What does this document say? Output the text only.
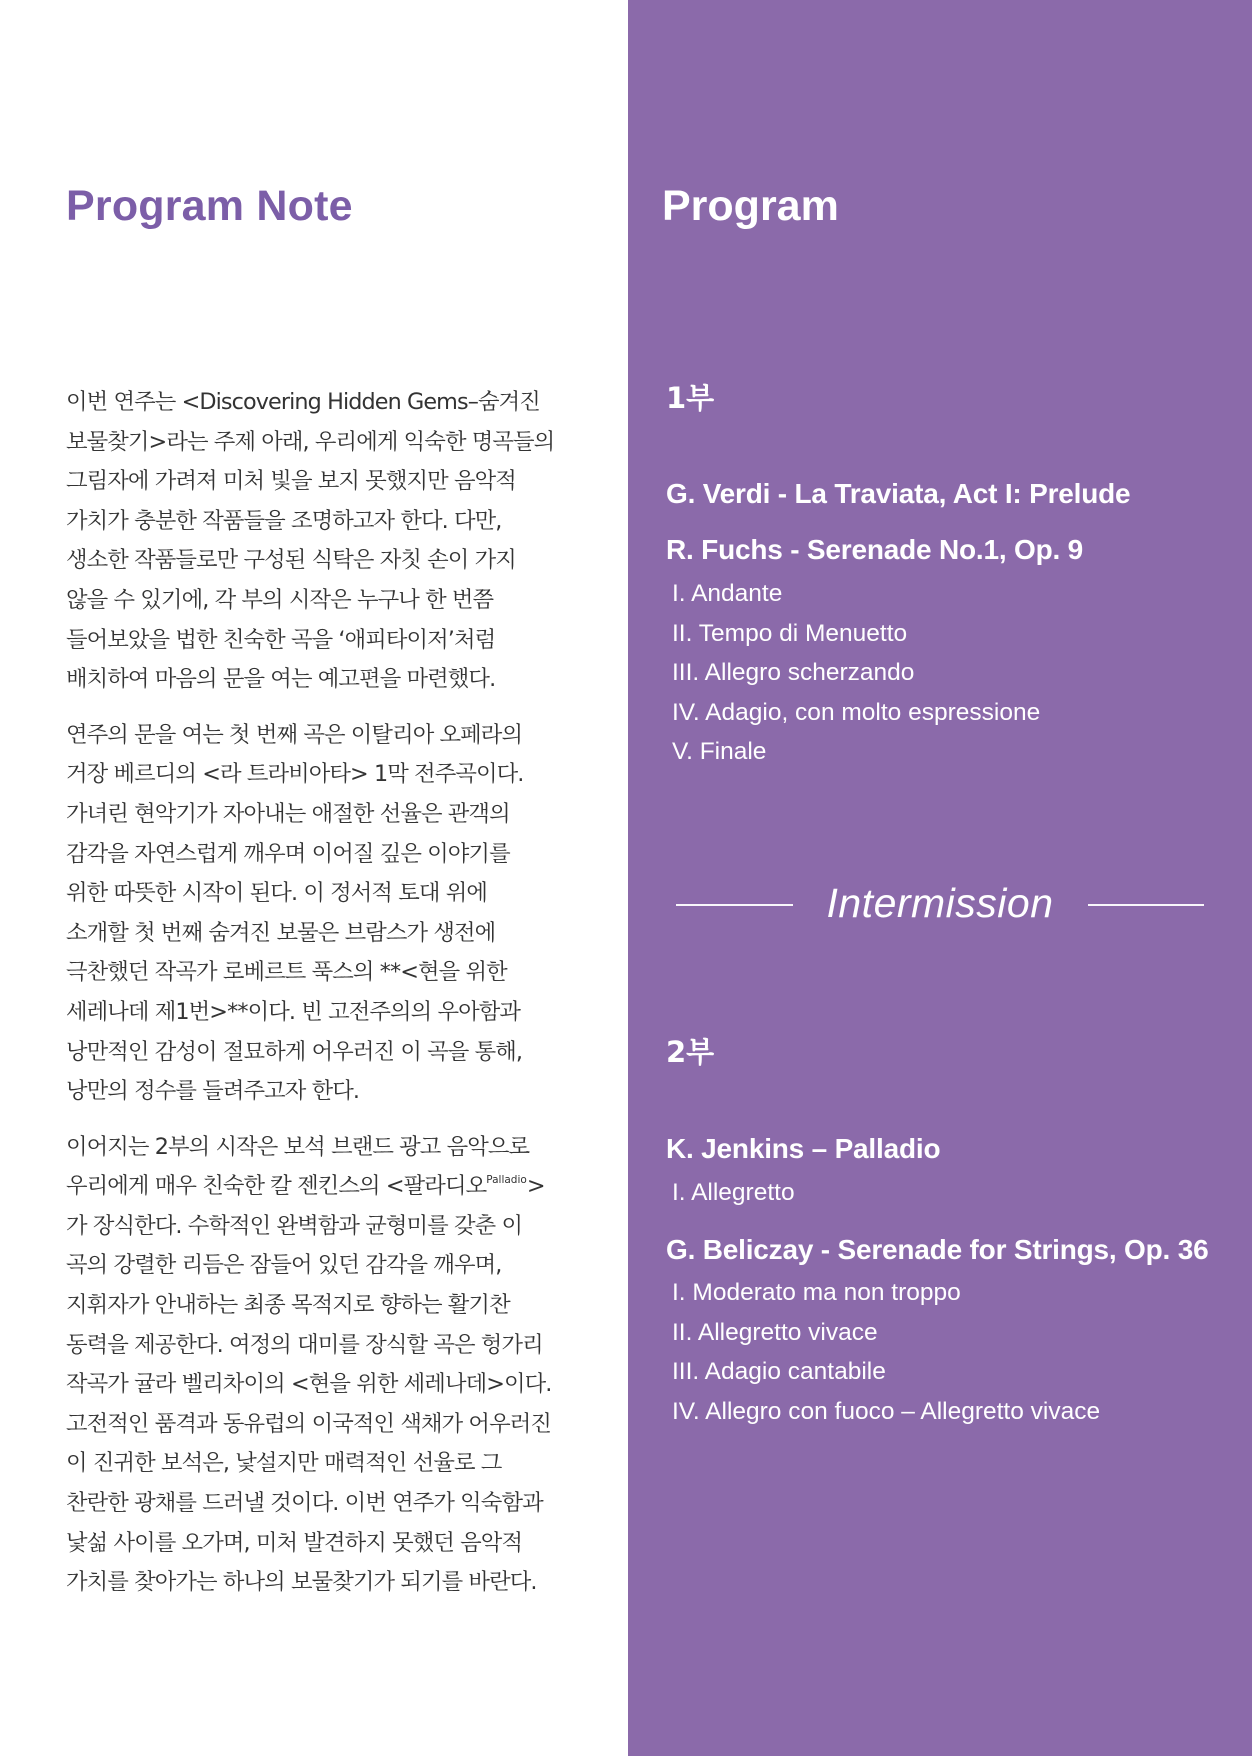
Program Note

이번 연주는 <Discovering Hidden Gems–숨겨진
보물찾기>라는 주제 아래, 우리에게 익숙한 명곡들의
그림자에 가려져 미처 빛을 보지 못했지만 음악적
가치가 충분한 작품들을 조명하고자 한다. 다만,
생소한 작품들로만 구성된 식탁은 자칫 손이 가지
않을 수 있기에, 각 부의 시작은 누구나 한 번쯤
들어보았을 법한 친숙한 곡을 ‘애피타이저’처럼
배치하여 마음의 문을 여는 예고편을 마련했다.

연주의 문을 여는 첫 번째 곡은 이탈리아 오페라의
거장 베르디의 <라 트라비아타> 1막 전주곡이다.
가녀린 현악기가 자아내는 애절한 선율은 관객의
감각을 자연스럽게 깨우며 이어질 깊은 이야기를
위한 따뜻한 시작이 된다. 이 정서적 토대 위에
소개할 첫 번째 숨겨진 보물은 브람스가 생전에
극찬했던 작곡가 로베르트 푹스의 **<현을 위한
세레나데 제1번>**이다. 빈 고전주의의 우아함과
낭만적인 감성이 절묘하게 어우러진 이 곡을 통해,
낭만의 정수를 들려주고자 한다.

이어지는 2부의 시작은 보석 브랜드 광고 음악으로
우리에게 매우 친숙한 칼 젠킨스의 <팔라디오$^{Palladio}$>
가 장식한다. 수학적인 완벽함과 균형미를 갖춘 이
곡의 강렬한 리듬은 잠들어 있던 감각을 깨우며,
지휘자가 안내하는 최종 목적지로 향하는 활기찬
동력을 제공한다. 여정의 대미를 장식할 곡은 헝가리
작곡가 귤라 벨리차이의 <현을 위한 세레나데>이다.
고전적인 품격과 동유럽의 이국적인 색채가 어우러진
이 진귀한 보석은, 낯설지만 매력적인 선율로 그
찬란한 광채를 드러낼 것이다. 이번 연주가 익숙함과
낯섦 사이를 오가며, 미처 발견하지 못했던 음악적
가치를 찾아가는 하나의 보물찾기가 되기를 바란다.

Program
1부
G. Verdi - La Traviata, Act I: Prelude
R. Fuchs - Serenade No.1, Op. 9
I. Andante
II. Tempo di Menuetto
III. Allegro scherzando
IV. Adagio, con molto espressione
V. Finale
Intermission
2부
K. Jenkins – Palladio
I. Allegretto
G. Beliczay - Serenade for Strings, Op. 36
I. Moderato ma non troppo
II. Allegretto vivace
III. Adagio cantabile
IV. Allegro con fuoco – Allegretto vivace
